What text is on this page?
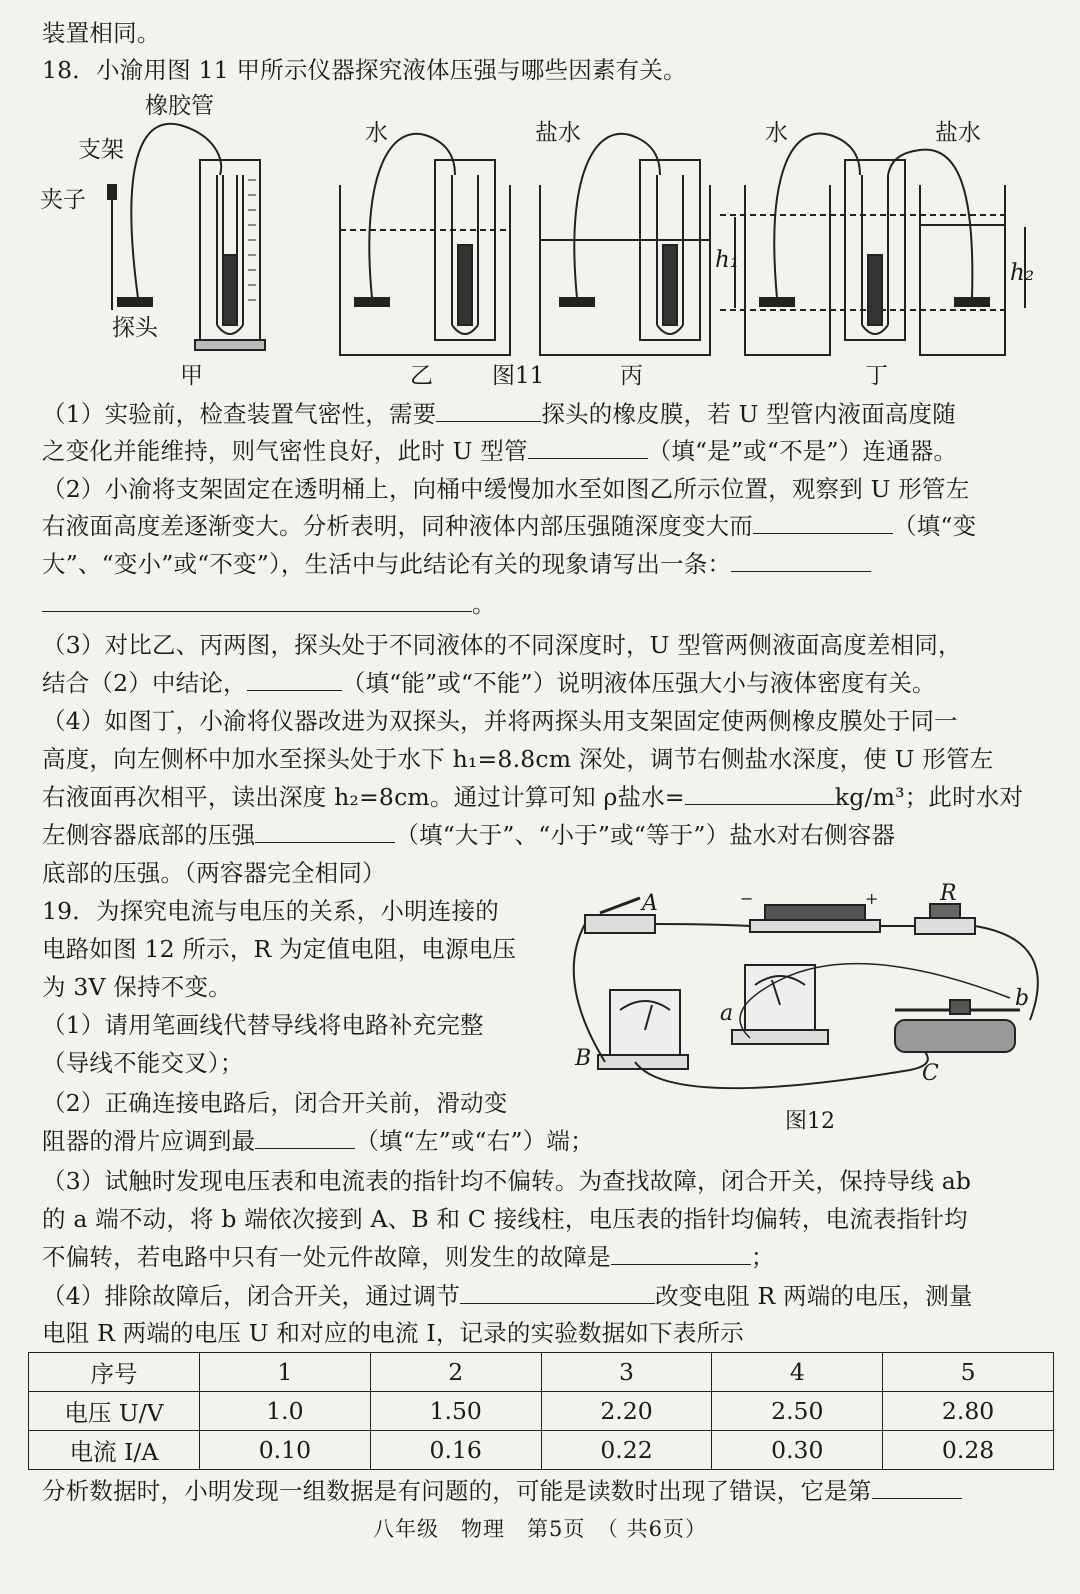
装置相同。
18．小渝用图 11 甲所示仪器探究液体压强与哪些因素有关。
橡胶管
支架
夹子
探头
甲	乙	丙	丁
水	盐水	水	盐水
h₁	h₂
图11
（1）实验前，检查装置气密性，需要	探头的橡皮膜，若 U 型管内液面高度随
之变化并能维持，则气密性良好，此时 U 型管	（填“是”或“不是”）连通器。
（2）小渝将支架固定在透明桶上，向桶中缓慢加水至如图乙所示位置，观察到 U 形管左
右液面高度差逐渐变大。分析表明，同种液体内部压强随深度变大而	（填“变
大”、“变小”或“不变”），生活中与此结论有关的现象请写出一条：
。
（3）对比乙、丙两图，探头处于不同液体的不同深度时，U 型管两侧液面高度差相同，
结合（2）中结论，	（填“能”或“不能”）说明液体压强大小与液体密度有关。
（4）如图丁，小渝将仪器改进为双探头，并将两探头用支架固定使两侧橡皮膜处于同一
高度，向左侧杯中加水至探头处于水下 h₁=8.8cm 深处，调节右侧盐水深度，使 U 形管左
右液面再次相平，读出深度 h₂=8cm。通过计算可知 ρ盐水=	kg/m³；此时水对
左侧容器底部的压强	（填“大于”、“小于”或“等于”）盐水对右侧容器
底部的压强。（两容器完全相同）
19．为探究电流与电压的关系，小明连接的
电路如图 12 所示，R 为定值电阻，电源电压
为 3V 保持不变。
（1）请用笔画线代替导线将电路补充完整
（导线不能交叉）；
（2）正确连接电路后，闭合开关前，滑动变
阻器的滑片应调到最	（填“左”或“右”）端；
A	R
a
b
B
C
−	+
图12
（3）试触时发现电压表和电流表的指针均不偏转。为查找故障，闭合开关，保持导线 ab
的 a 端不动，将 b 端依次接到 A、B 和 C 接线柱，电压表的指针均偏转，电流表指针均
不偏转，若电路中只有一处元件故障，则发生的故障是	；
（4）排除故障后，闭合开关，通过调节	改变电阻 R 两端的电压，测量
电阻 R 两端的电压 U 和对应的电流 I，记录的实验数据如下表所示
序号	1	2	3	4	5
电压 U/V	1.0	1.50	2.20	2.50	2.80
电流 I/A	0.10	0.16	0.22	0.30	0.28
分析数据时，小明发现一组数据是有问题的，可能是读数时出现了错误，它是第
八年级　物理　第5页　（ 共6页）
